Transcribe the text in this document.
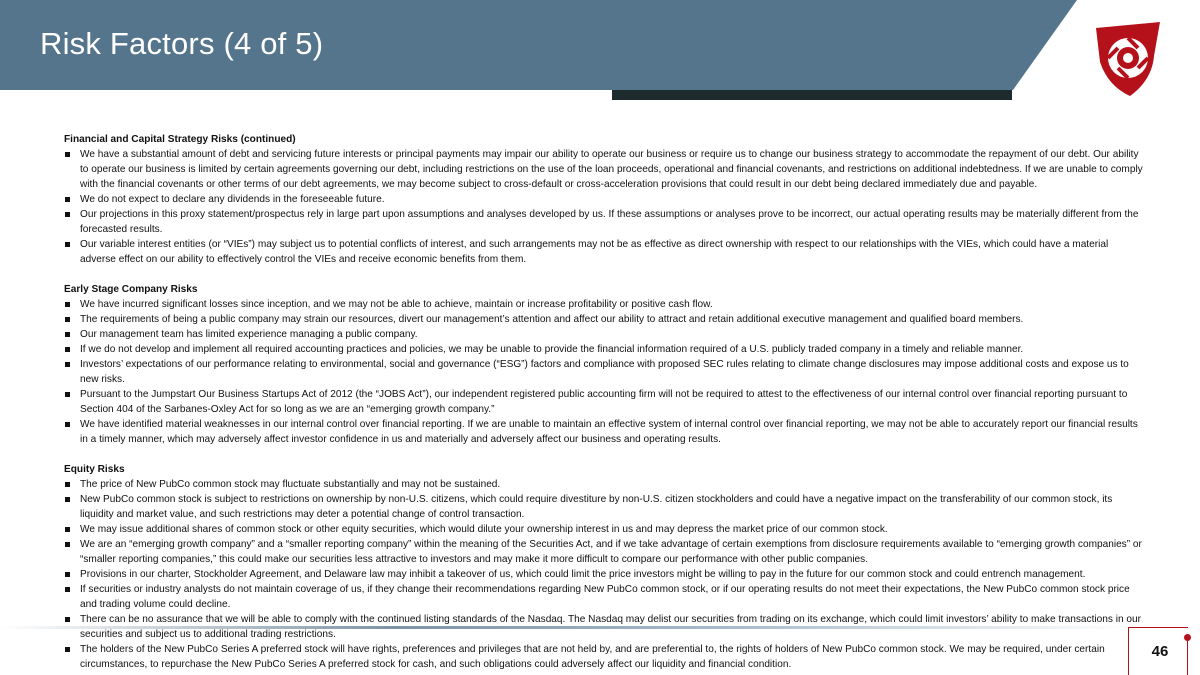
Risk Factors (4 of 5)

Financial and Capital Strategy Risks (continued)

We have a substantial amount of debt and servicing future interests or principal payments may impair our ability to operate our business or require us to change our business strategy to accommodate the repayment of our debt. Our ability to operate our business is limited by certain agreements governing our debt, including restrictions on the use of the loan proceeds, operational and financial covenants, and restrictions on additional indebtedness. If we are unable to comply with the financial covenants or other terms of our debt agreements, we may become subject to cross-default or cross-acceleration provisions that could result in our debt being declared immediately due and payable.
We do not expect to declare any dividends in the foreseeable future.
Our projections in this proxy statement/prospectus rely in large part upon assumptions and analyses developed by us. If these assumptions or analyses prove to be incorrect, our actual operating results may be materially different from the forecasted results.
Our variable interest entities (or “VIEs”) may subject us to potential conflicts of interest, and such arrangements may not be as effective as direct ownership with respect to our relationships with the VIEs, which could have a material adverse effect on our ability to effectively control the VIEs and receive economic benefits from them.

Early Stage Company Risks

We have incurred significant losses since inception, and we may not be able to achieve, maintain or increase profitability or positive cash flow.
The requirements of being a public company may strain our resources, divert our management’s attention and affect our ability to attract and retain additional executive management and qualified board members.
Our management team has limited experience managing a public company.
If we do not develop and implement all required accounting practices and policies, we may be unable to provide the financial information required of a U.S. publicly traded company in a timely and reliable manner.
Investors’ expectations of our performance relating to environmental, social and governance (“ESG”) factors and compliance with proposed SEC rules relating to climate change disclosures may impose additional costs and expose us to new risks.
Pursuant to the Jumpstart Our Business Startups Act of 2012 (the “JOBS Act”), our independent registered public accounting firm will not be required to attest to the effectiveness of our internal control over financial reporting pursuant to Section 404 of the Sarbanes-Oxley Act for so long as we are an “emerging growth company.”
We have identified material weaknesses in our internal control over financial reporting. If we are unable to maintain an effective system of internal control over financial reporting, we may not be able to accurately report our financial results in a timely manner, which may adversely affect investor confidence in us and materially and adversely affect our business and operating results.

Equity Risks

The price of New PubCo common stock may fluctuate substantially and may not be sustained.
New PubCo common stock is subject to restrictions on ownership by non-U.S. citizens, which could require divestiture by non-U.S. citizen stockholders and could have a negative impact on the transferability of our common stock, its liquidity and market value, and such restrictions may deter a potential change of control transaction.
We may issue additional shares of common stock or other equity securities, which would dilute your ownership interest in us and may depress the market price of our common stock.
We are an “emerging growth company” and a “smaller reporting company” within the meaning of the Securities Act, and if we take advantage of certain exemptions from disclosure requirements available to “emerging growth companies” or “smaller reporting companies,” this could make our securities less attractive to investors and may make it more difficult to compare our performance with other public companies.
Provisions in our charter, Stockholder Agreement, and Delaware law may inhibit a takeover of us, which could limit the price investors might be willing to pay in the future for our common stock and could entrench management.
If securities or industry analysts do not maintain coverage of us, if they change their recommendations regarding New PubCo common stock, or if our operating results do not meet their expectations, the New PubCo common stock price and trading volume could decline.
There can be no assurance that we will be able to comply with the continued listing standards of the Nasdaq. The Nasdaq may delist our securities from trading on its exchange, which could limit investors’ ability to make transactions in our securities and subject us to additional trading restrictions.
The holders of the New PubCo Series A preferred stock will have rights, preferences and privileges that are not held by, and are preferential to, the rights of holders of New PubCo common stock. We may be required, under certain circumstances, to repurchase the New PubCo Series A preferred stock for cash, and such obligations could adversely affect our liquidity and financial condition.
46
